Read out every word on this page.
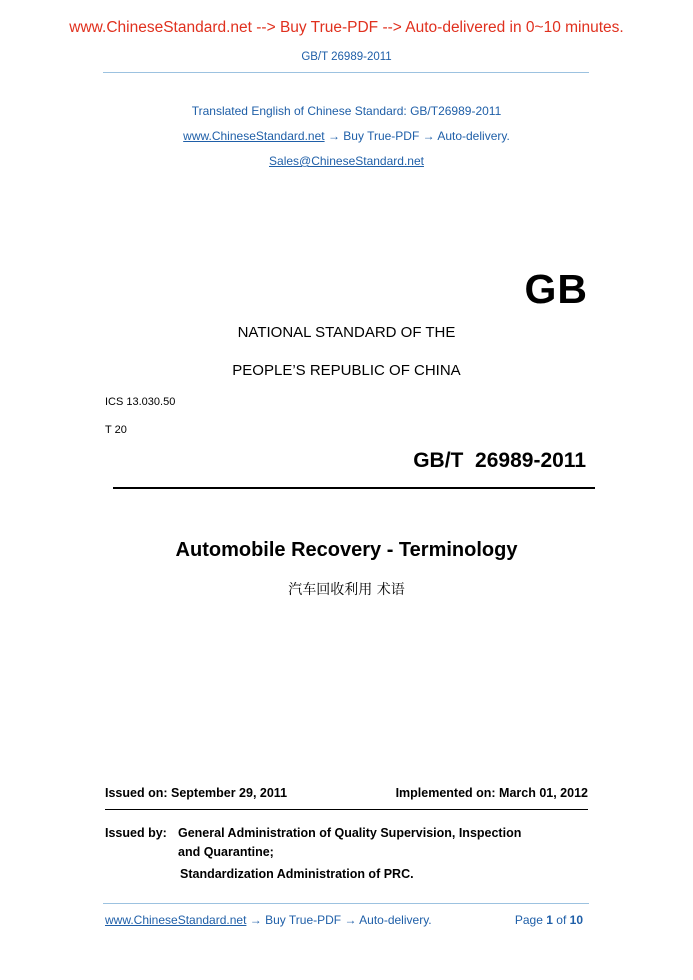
www.ChineseStandard.net --> Buy True-PDF --> Auto-delivered in 0~10 minutes.
GB/T 26989-2011
Translated English of Chinese Standard: GB/T26989-2011
www.ChineseStandard.net → Buy True-PDF → Auto-delivery.
Sales@ChineseStandard.net
GB
NATIONAL STANDARD OF THE
PEOPLE’S REPUBLIC OF CHINA
ICS 13.030.50
T 20
GB/T  26989-2011
Automobile Recovery - Terminology
汽车回收利用 术语
Issued on: September 29, 2011	Implemented on: March 01, 2012
Issued by: General Administration of Quality Supervision, Inspection
and Quarantine;
Standardization Administration of PRC.
www.ChineseStandard.net → Buy True-PDF → Auto-delivery.	Page 1 of 10
